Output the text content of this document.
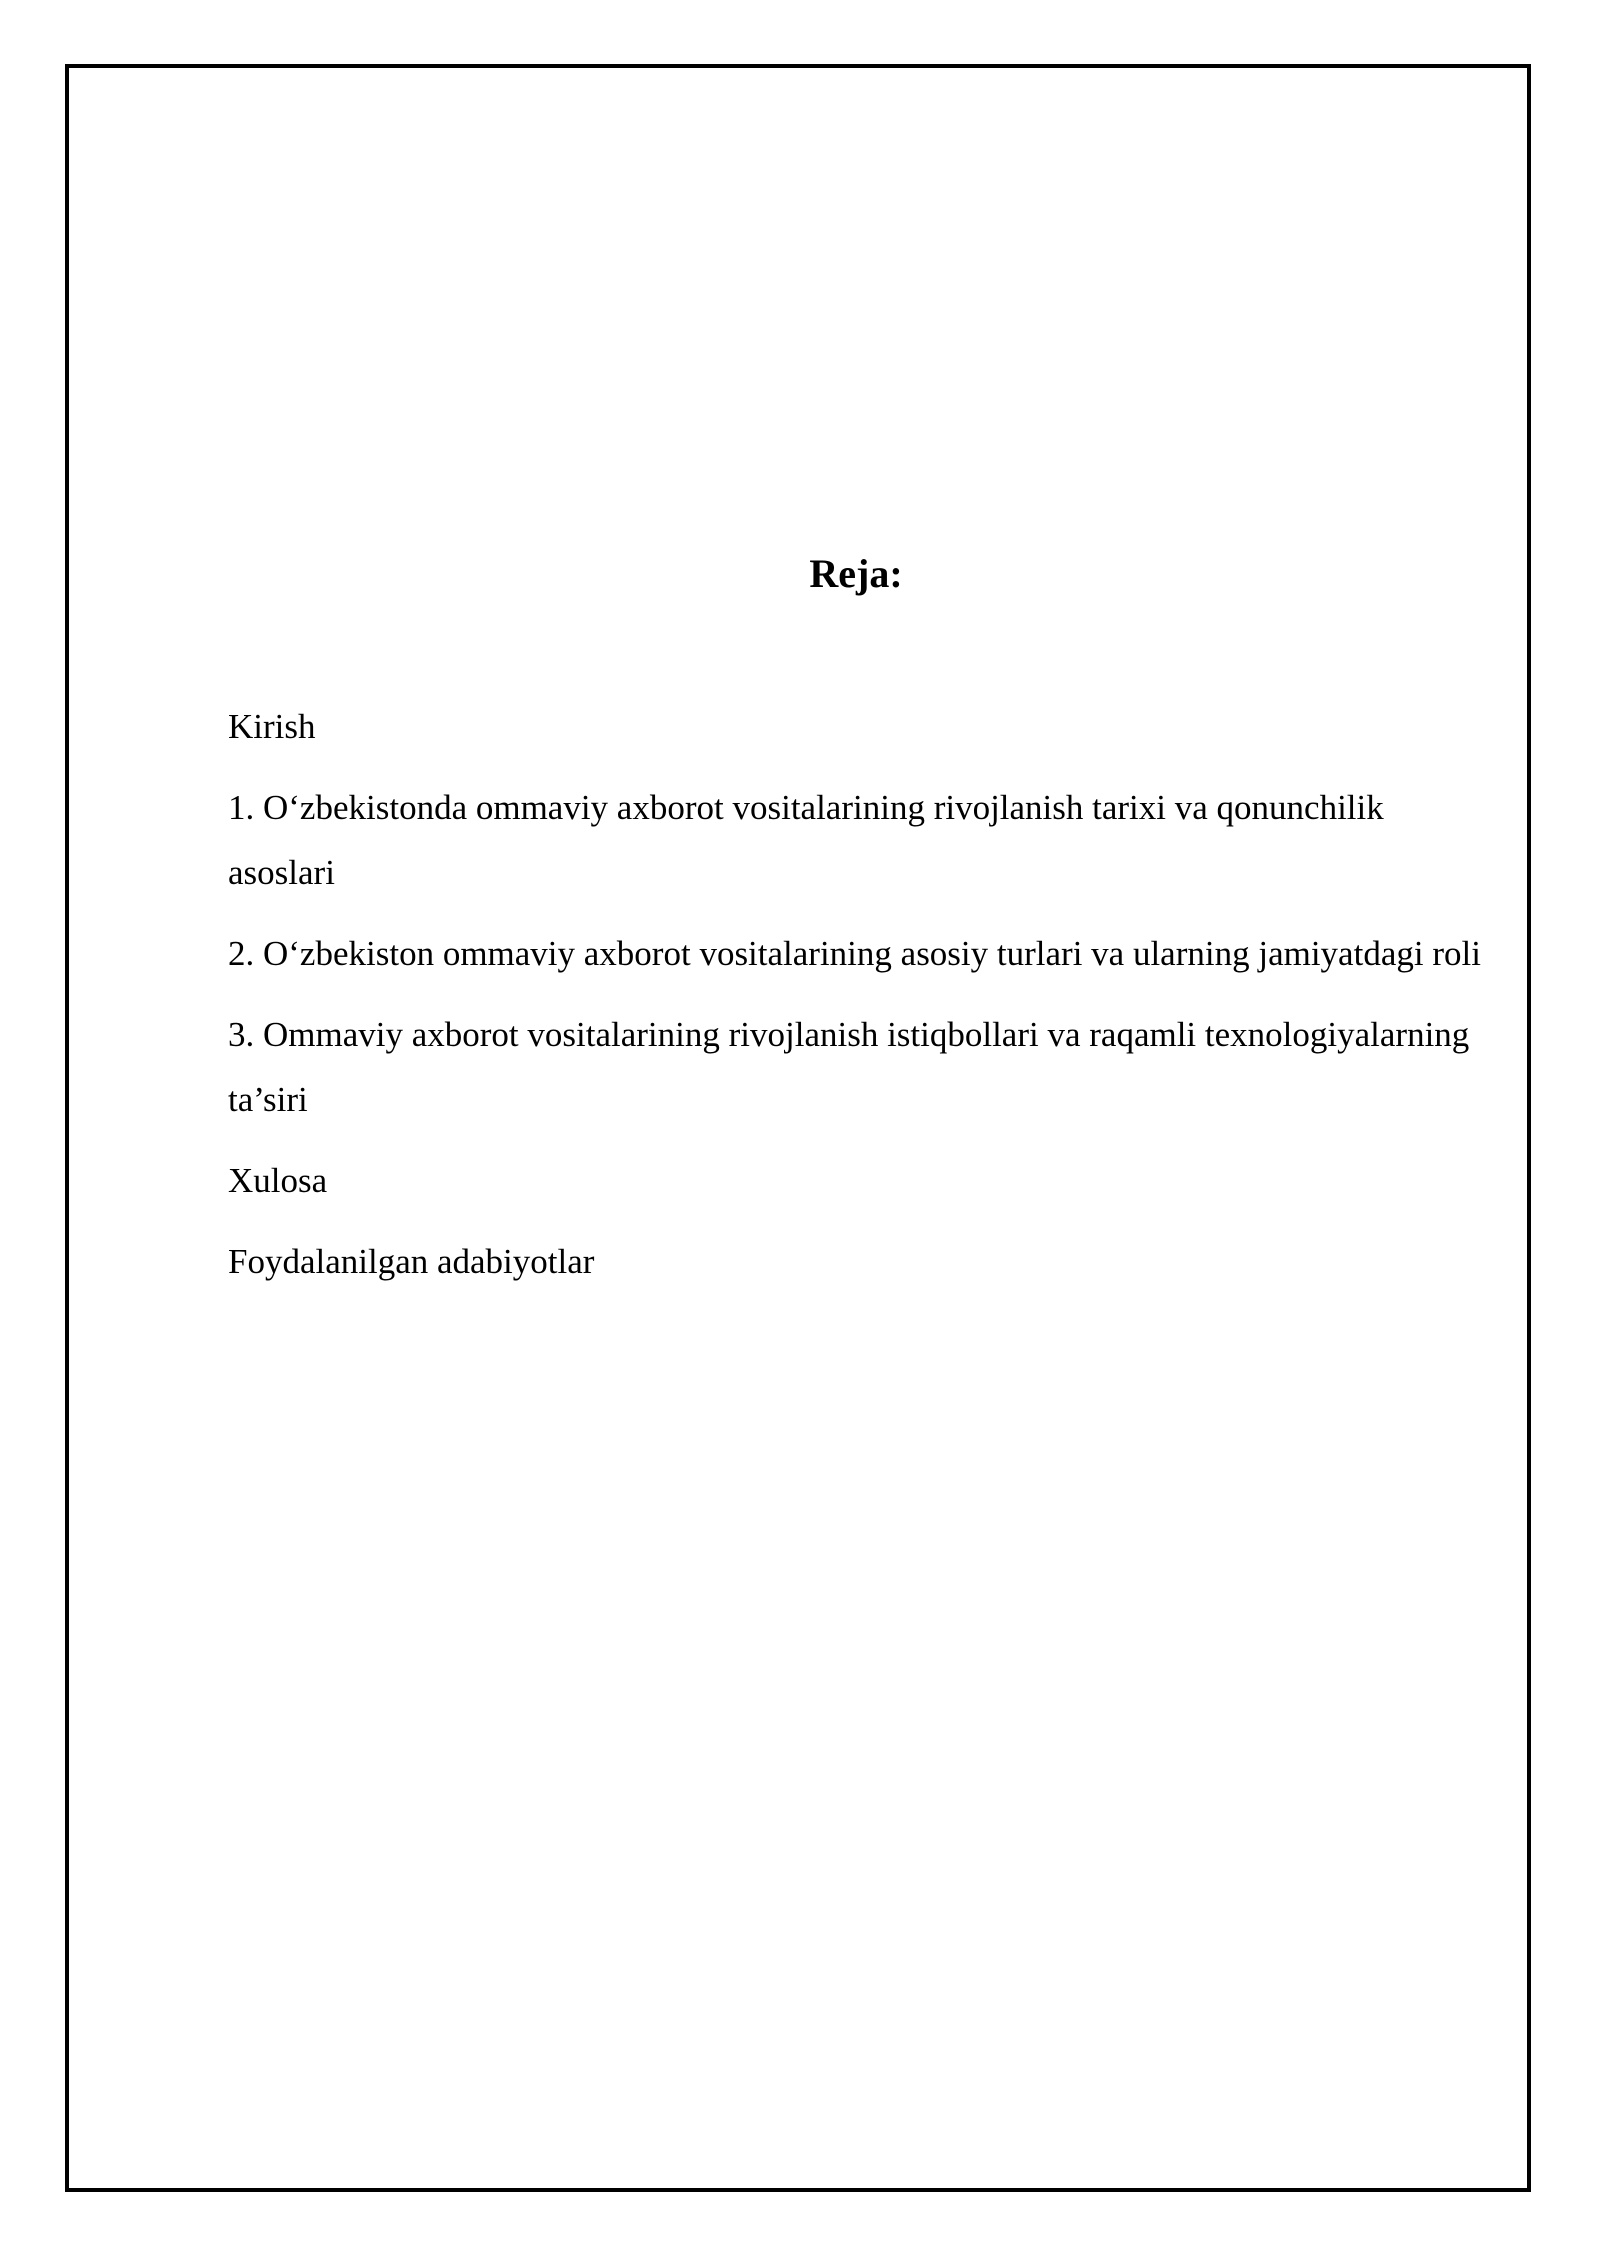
Reja:
Kirish
1. O‘zbekistonda ommaviy axborot vositalarining rivojlanish tarixi va qonunchilik asoslari
2. O‘zbekiston ommaviy axborot vositalarining asosiy turlari va ularning jamiyatdagi roli
3. Ommaviy axborot vositalarining rivojlanish istiqbollari va raqamli texnologiyalarning ta’siri
Xulosa
Foydalanilgan adabiyotlar
